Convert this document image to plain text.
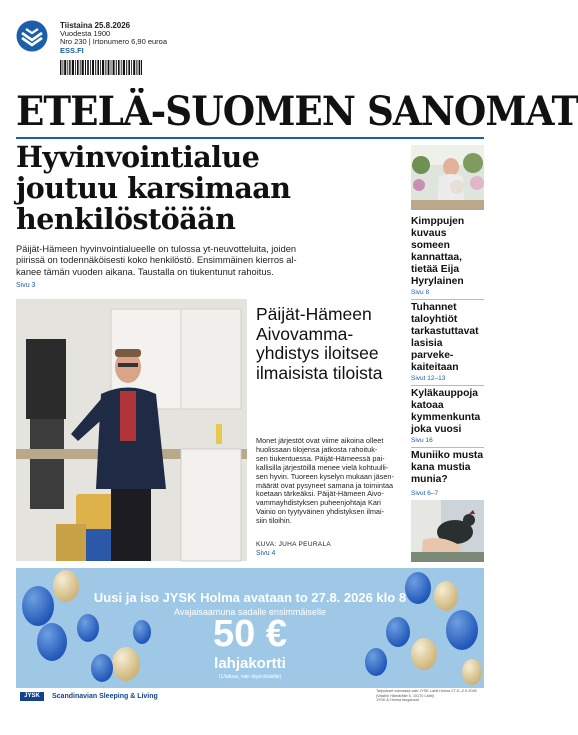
Tiistaina 25.8.2026
Vuodesta 1900
Nro 230 | Irtonumero 6,90 euroa
ESS.FI
ETELÄ-SUOMEN SANOMAT
Hyvinvointialue
joutuu karsimaan
henkilöstöään
Päijät-Hämeen hyvinvointialueelle on tulossa yt-neuvotteluita, joiden
piirissä on todennäköisesti koko henkilöstö. Ensimmäinen kierros al-
kanee tämän vuoden aikana. Taustalla on tiukentunut rahoitus.
Sivu 3
Päijät-Hämeen
Aivovamma-
yhdistys iloitsee
ilmaisista tiloista
Monet järjestöt ovat viime aikoina olleet
huolissaan tilojensa jatkosta rahoituk-
sen tiukentuessa. Päijät-Hämeessä pai-
kallisilla järjestöillä menee vielä kohtuulli-
sen hyvin. Tuoreen kyselyn mukaan jäsen-
määrät ovat pysyneet samana ja toimintaa
koetaan tärkeäksi. Päijät-Hämeen Aivo-
vammayhdistyksen puheenjohtaja Kari
Vainio on tyytyväinen yhdistyksen ilmai-
siin tiloihin.
KUVA: JUHA PEURALA
Sivu 4
Kimppujen
kuvaus
someen
kannattaa,
tietää Eija
Hyrylainen
Sivu 8
Tuhannet
taloyhtiöt
tarkastuttavat
lasisia
parveke-
kaiteitaan
Sivut 12–13
Kyläkauppoja
katoaa
kymmenkunta
joka vuosi
Sivu 16
Muniiko musta
kana mustia
munia?
Sivut 6–7
Uusi ja iso JYSK Holma avataan to 27.8. 2026 klo 8
Avajaisaamuna sadalle ensimmäiselle
50 €
lahjakortti
(1/talous, vain täysi-ikäisille)
JYSK	Scandinavian Sleeping & Living
Tarjoukset voimassa vain JYSK Lahti Holma 27.8.–2.9.2026
(Vasiliin Hämärätie 5, 15170 Lahti)
JYSK & Holma langanvat
